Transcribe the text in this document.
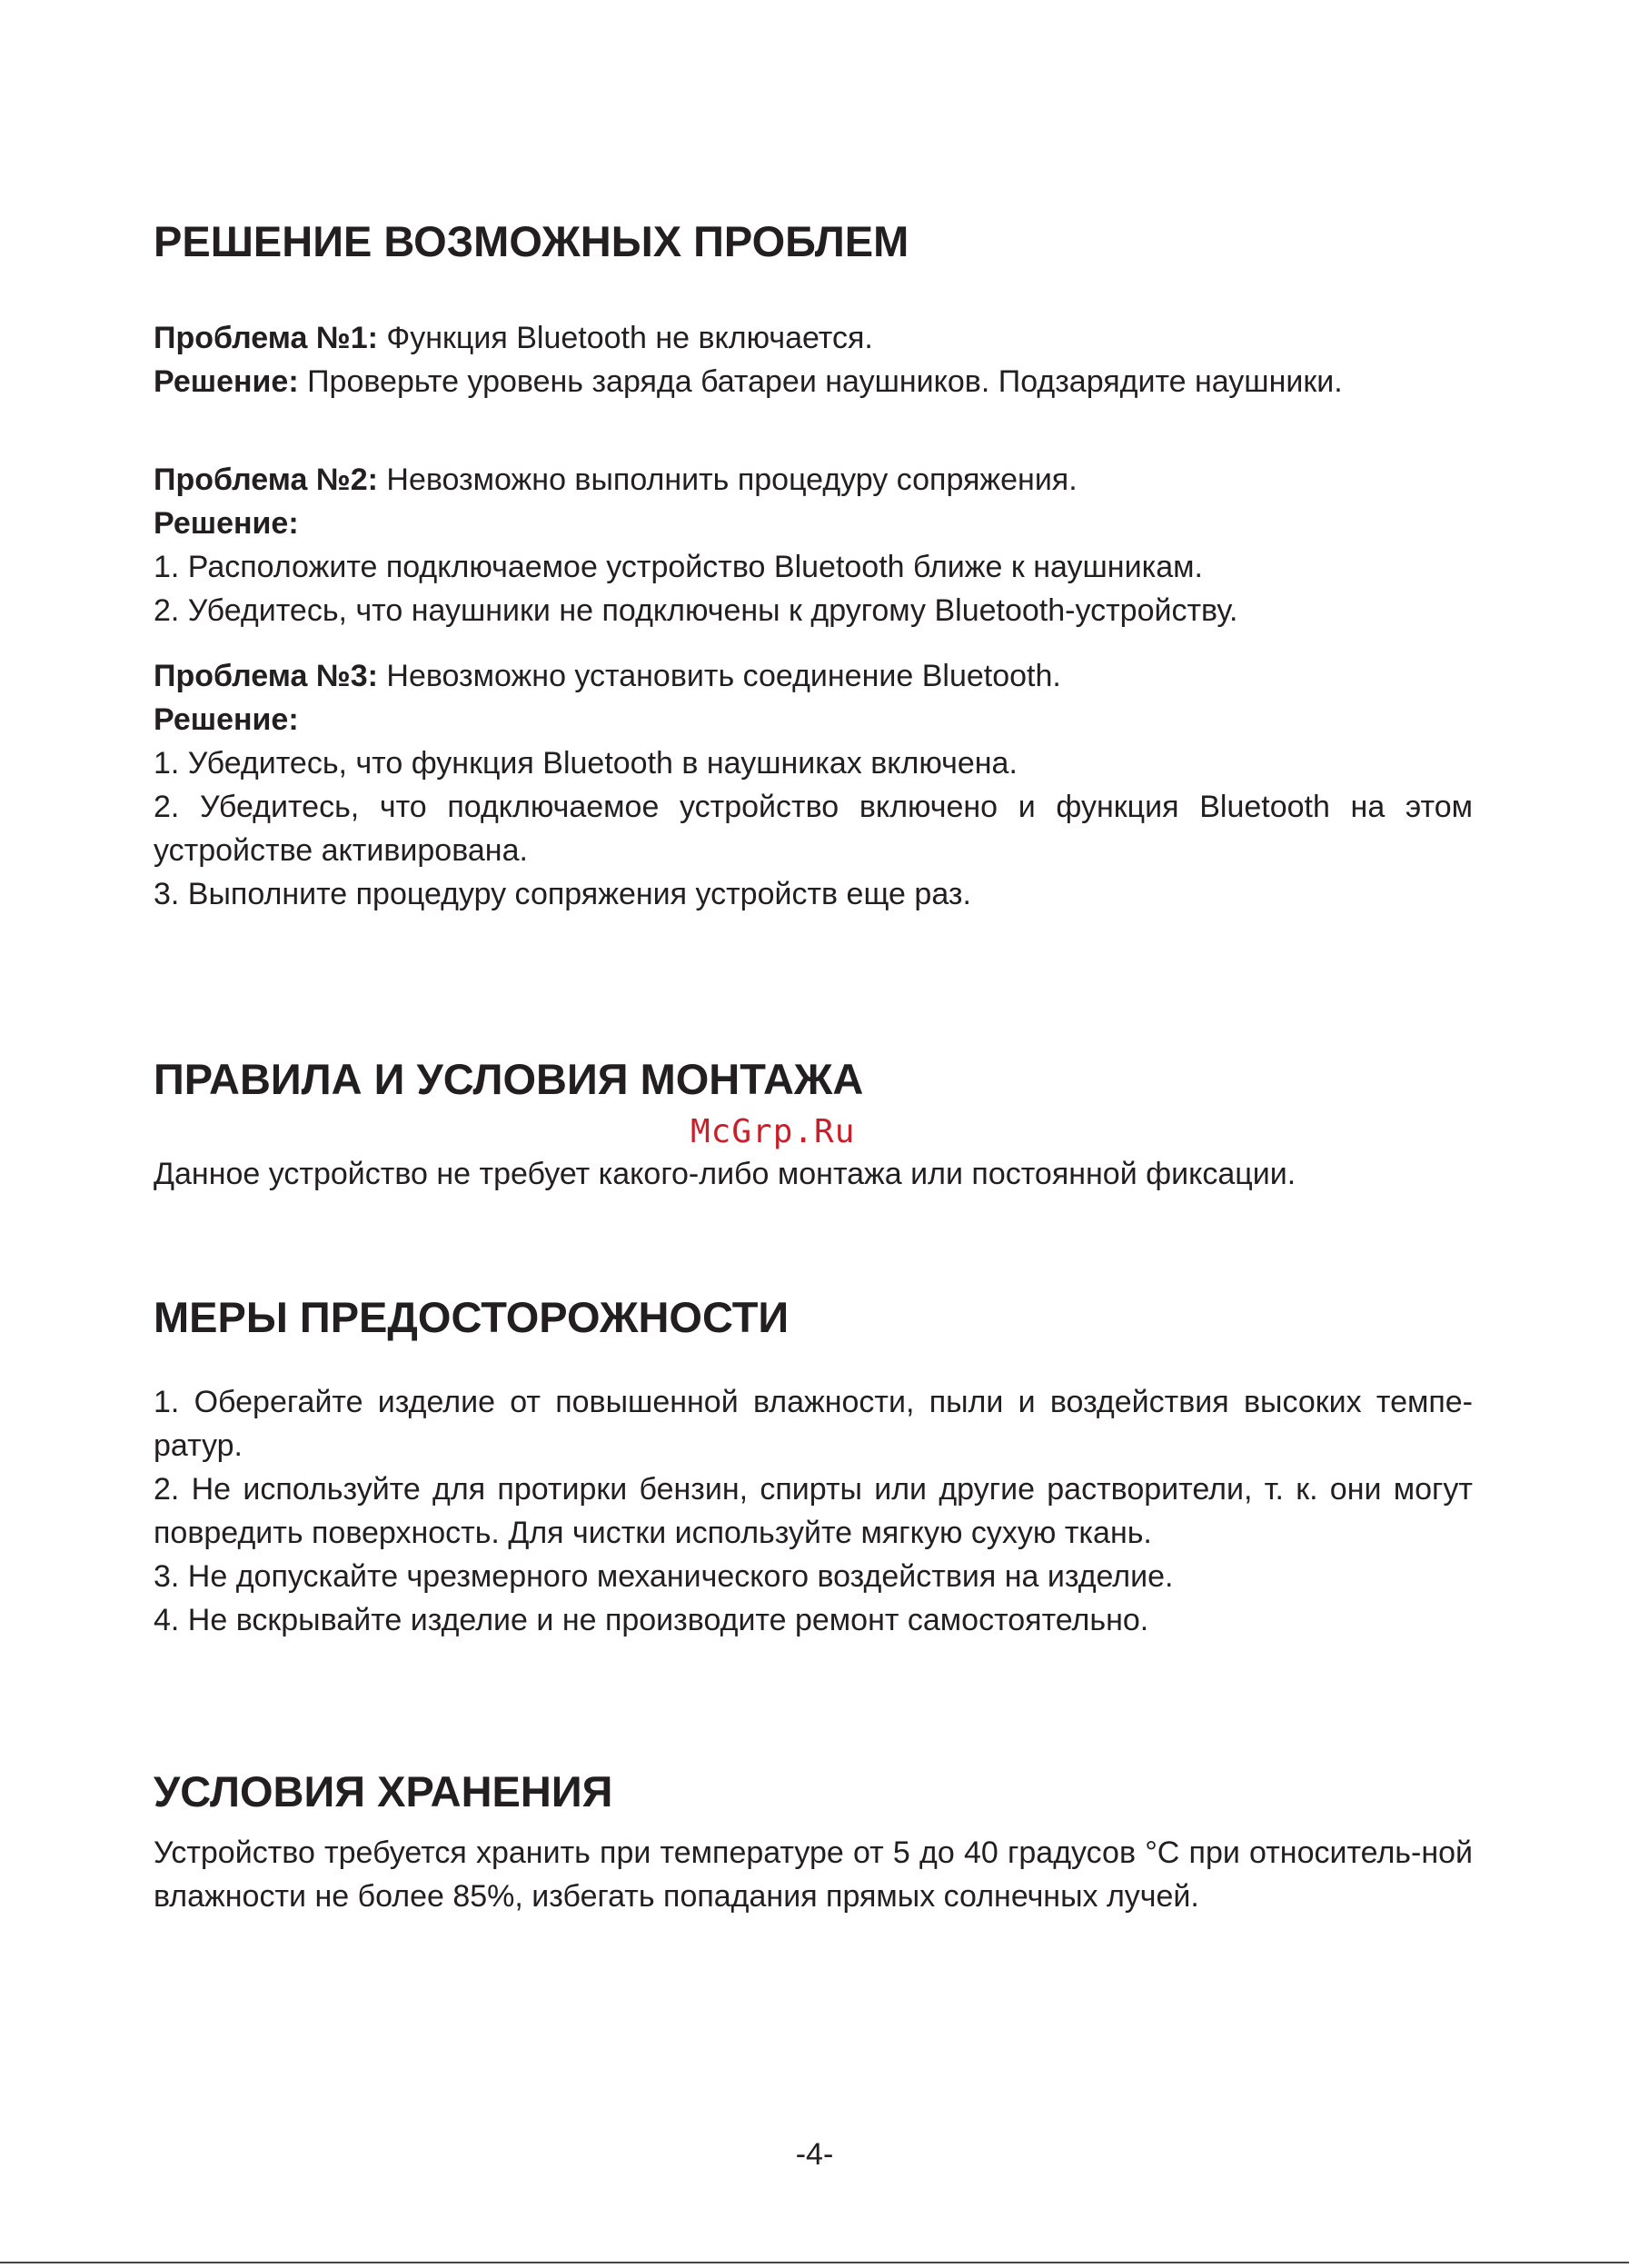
РЕШЕНИЕ ВОЗМОЖНЫХ ПРОБЛЕМ

Проблема №1: Функция Bluetooth не включается.

Решение: Проверьте уровень заряда батареи наушников. Подзарядите наушники.

Проблема №2: Невозможно выполнить процедуру сопряжения.

Решение:

1. Расположите подключаемое устройство Bluetooth ближе к наушникам.

2. Убедитесь, что наушники не подключены к другому Bluetooth-устройству.

Проблема №3: Невозможно установить соединение Bluetooth.

Решение:

1. Убедитесь, что функция Bluetooth в наушниках включена.

2. Убедитесь, что подключаемое устройство включено и функция Bluetooth на этом устройстве активирована.

3. Выполните процедуру сопряжения устройств еще раз.

ПРАВИЛА И УСЛОВИЯ МОНТАЖА
McGrp.Ru

Данное устройство не требует какого-либо монтажа или постоянной фиксации.

МЕРЫ ПРЕДОСТОРОЖНОСТИ

1. Оберегайте изделие от повышенной влажности, пыли и воздействия высоких темпе-ратур.

2. Не используйте для протирки бензин, спирты или другие растворители, т. к. они могут повредить поверхность. Для чистки используйте мягкую сухую ткань.

3. Не допускайте чрезмерного механического воздействия на изделие.

4. Не вскрывайте изделие и не производите ремонт самостоятельно.

УСЛОВИЯ ХРАНЕНИЯ

Устройство требуется хранить при температуре от 5 до 40 градусов °С при относитель-ной влажности не более 85%, избегать попадания прямых солнечных лучей.

-4-
